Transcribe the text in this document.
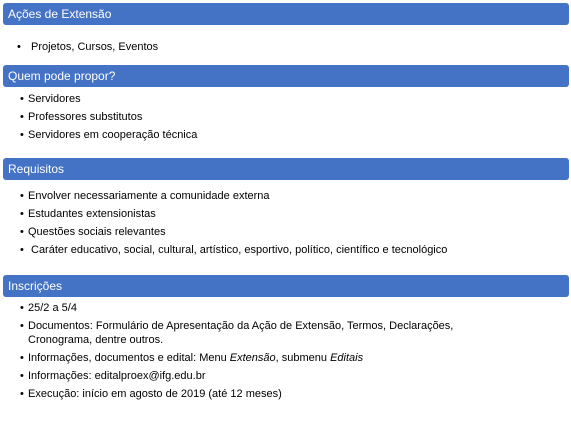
Ações de Extensão
• Projetos, Cursos, Eventos
Quem pode propor?
• Servidores
• Professores substitutos
• Servidores em cooperação técnica
Requisitos
• Envolver necessariamente a comunidade externa
• Estudantes extensionistas
• Questões sociais relevantes
• Caráter educativo, social, cultural, artístico, esportivo, político, científico e tecnológico
Inscrições
• 25/2 a 5/4
• Documentos: Formulário de Apresentação da Ação de Extensão, Termos, Declarações, Cronograma, dentre outros.
• Informações, documentos e edital: Menu Extensão, submenu Editais
• Informações: editalproex@ifg.edu.br
• Execução: início em agosto de 2019 (até 12 meses)
